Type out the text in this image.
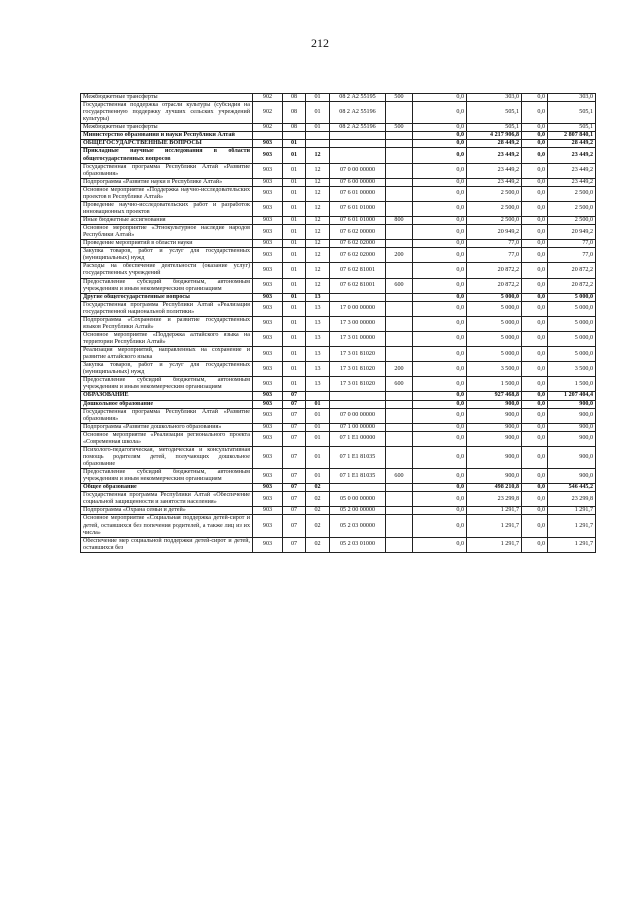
212
Межбюджетные трансферты	902	08	01	08 2 А2 55195	500	0,0	303,0	0,0	303,0
Государственная поддержка отрасли культуры (субсидия на государственную поддержку лучших сельских учреждений культуры)	902	08	01	08 2 А2 55196		0,0	505,1	0,0	505,1
Межбюджетные трансферты	902	08	01	08 2 А2 55196	500	0,0	505,1	0,0	505,1
Министерство образования и науки Республики Алтай						0,0	4 217 906,8	0,0	2 807 840,1
ОБЩЕГОСУДАРСТВЕННЫЕ ВОПРОСЫ	903	01				0,0	28 449,2	0,0	28 449,2
Прикладные научные исследования в области общегосударственных вопросов	903	01	12			0,0	23 449,2	0,0	23 449,2
Государственная программа Республики Алтай «Развитие образования»	903	01	12	07 0 00 00000		0,0	23 449,2	0,0	23 449,2
Подпрограмма «Развитие науки в Республике Алтай»	903	01	12	07 6 00 00000		0,0	23 449,2	0,0	23 449,2
Основное мероприятие «Поддержка научно-исследовательских проектов в Республике Алтай»	903	01	12	07 6 01 00000		0,0	2 500,0	0,0	2 500,0
Проведение научно-исследовательских работ и разработок инновационных проектов	903	01	12	07 6 01 01000		0,0	2 500,0	0,0	2 500,0
Иные бюджетные ассигнования	903	01	12	07 6 01 01000	800	0,0	2 500,0	0,0	2 500,0
Основное мероприятие «Этнокультурное наследие народов Республики Алтай»	903	01	12	07 6 02 00000		0,0	20 949,2	0,0	20 949,2
Проведение мероприятий в области науки	903	01	12	07 6 02 02000		0,0	77,0	0,0	77,0
Закупка товаров, работ и услуг для государственных (муниципальных) нужд	903	01	12	07 6 02 02000	200	0,0	77,0	0,0	77,0
Расходы на обеспечение деятельности (оказание услуг) государственных учреждений	903	01	12	07 6 02 81001		0,0	20 872,2	0,0	20 872,2
Предоставление субсидий бюджетным, автономным учреждениям и иным некоммерческим организациям	903	01	12	07 6 02 81001	600	0,0	20 872,2	0,0	20 872,2
Другие общегосударственные вопросы	903	01	13			0,0	5 000,0	0,0	5 000,0
Государственная программа Республики Алтай «Реализация государственной национальной политики»	903	01	13	17 0 00 00000		0,0	5 000,0	0,0	5 000,0
Подпрограмма «Сохранение и развитие государственных языков Республики Алтай»	903	01	13	17 3 00 00000		0,0	5 000,0	0,0	5 000,0
Основное мероприятие «Поддержка алтайского языка на территории Республики Алтай»	903	01	13	17 3 01 00000		0,0	5 000,0	0,0	5 000,0
Реализация мероприятий, направленных на сохранение и развитие алтайского языка	903	01	13	17 3 01 81020		0,0	5 000,0	0,0	5 000,0
Закупка товаров, работ и услуг для государственных (муниципальных) нужд	903	01	13	17 3 01 81020	200	0,0	3 500,0	0,0	3 500,0
Предоставление субсидий бюджетным, автономным учреждениям и иным некоммерческим организациям	903	01	13	17 3 01 81020	600	0,0	1 500,0	0,0	1 500,0
ОБРАЗОВАНИЕ	903	07				0,0	927 468,8	0,0	1 207 404,4
Дошкольное образование	903	07	01			0,0	900,0	0,0	900,0
Государственная программа Республики Алтай «Развитие образования»	903	07	01	07 0 00 00000		0,0	900,0	0,0	900,0
Подпрограмма «Развитие дошкольного образования»	903	07	01	07 1 00 00000		0,0	900,0	0,0	900,0
Основное мероприятие «Реализация регионального проекта «Современная школа»	903	07	01	07 1 E1 00000		0,0	900,0	0,0	900,0
Психолого-педагогическая, методическая и консультативная помощь родителям детей, получающих дошкольное образование	903	07	01	07 1 E1 81035		0,0	900,0	0,0	900,0
Предоставление субсидий бюджетным, автономным учреждениям и иным некоммерческим организациям	903	07	01	07 1 E1 81035	600	0,0	900,0	0,0	900,0
Общее образование	903	07	02			0,0	498 210,8	0,0	546 445,2
Государственная программа Республики Алтай «Обеспечение социальной защищенности и занятости населения»	903	07	02	05 0 00 00000		0,0	23 299,8	0,0	23 299,8
Подпрограмма «Охрана семьи и детей»	903	07	02	05 2 00 00000		0,0	1 291,7	0,0	1 291,7
Основное мероприятие «Социальная поддержка детей-сирот и детей, оставшихся без попечения родителей, а также лиц из их числа»	903	07	02	05 2 03 00000		0,0	1 291,7	0,0	1 291,7
Обеспечение мер социальной поддержки детей-сирот и детей, оставшихся без	903	07	02	05 2 03 01000		0,0	1 291,7	0,0	1 291,7
